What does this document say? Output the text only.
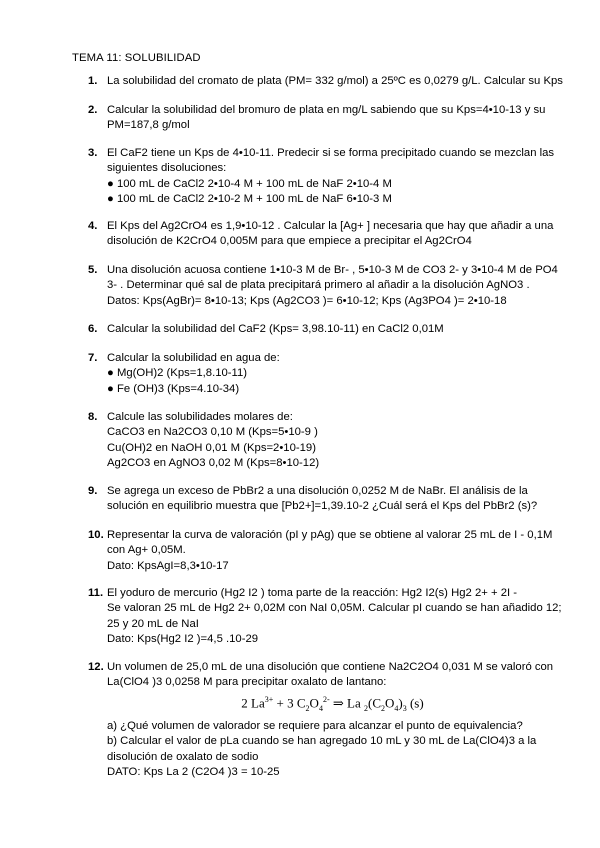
TEMA 11: SOLUBILIDAD
1. La solubilidad del cromato de plata (PM= 332 g/mol) a 25ºC es 0,0279 g/L. Calcular su Kps
2. Calcular la solubilidad del bromuro de plata en mg/L sabiendo que su Kps=4•10-13 y su
PM=187,8 g/mol
3. El CaF2 tiene un Kps de 4•10-11. Predecir si se forma precipitado cuando se mezclan las
siguientes disoluciones:
● 100 mL de CaCl2 2•10-4 M + 100 mL de NaF 2•10-4 M
● 100 mL de CaCl2 2•10-2 M + 100 mL de NaF 6•10-3 M
4. El Kps del Ag2CrO4 es 1,9•10-12 . Calcular la [Ag+ ] necesaria que hay que añadir a una
disolución de K2CrO4 0,005M para que empiece a precipitar el Ag2CrO4
5. Una disolución acuosa contiene 1•10-3 M de Br- , 5•10-3 M de CO3 2- y 3•10-4 M de PO4
3- . Determinar qué sal de plata precipitará primero al añadir a la disolución AgNO3 .
Datos: Kps(AgBr)= 8•10-13; Kps (Ag2CO3 )= 6•10-12; Kps (Ag3PO4 )= 2•10-18
6. Calcular la solubilidad del CaF2 (Kps= 3,98.10-11) en CaCl2 0,01M
7. Calcular la solubilidad en agua de:
● Mg(OH)2 (Kps=1,8.10-11)
● Fe (OH)3 (Kps=4.10-34)
8. Calcule las solubilidades molares de:
CaCO3 en Na2CO3 0,10 M (Kps=5•10-9 )
Cu(OH)2 en NaOH 0,01 M (Kps=2•10-19)
Ag2CO3 en AgNO3 0,02 M (Kps=8•10-12)
9. Se agrega un exceso de PbBr2 a una disolución 0,0252 M de NaBr. El análisis de la
solución en equilibrio muestra que [Pb2+]=1,39.10-2 ¿Cuál será el Kps del PbBr2 (s)?
10. Representar la curva de valoración (pI y pAg) que se obtiene al valorar 25 mL de I - 0,1M
con Ag+ 0,05M.
Dato: KpsAgI=8,3•10-17
11. El yoduro de mercurio (Hg2 I2 ) toma parte de la reacción: Hg2 I2(s) Hg2 2+ + 2I -
Se valoran 25 mL de Hg2 2+ 0,02M con NaI 0,05M. Calcular pI cuando se han añadido 12;
25 y 20 mL de NaI
Dato: Kps(Hg2 I2 )=4,5 .10-29
12. Un volumen de 25,0 mL de una disolución que contiene Na2C2O4 0,031 M se valoró con
La(ClO4 )3 0,0258 M para precipitar oxalato de lantano:
2 $La^{3+} + 3$ $C_2O_4^{2-}$ ⇒ La $_2(C_2O_4)_3$ (s)
a) ¿Qué volumen de valorador se requiere para alcanzar el punto de equivalencia?
b) Calcular el valor de pLa cuando se han agregado 10 mL y 30 mL de La(ClO4)3 a la
disolución de oxalato de sodio
DATO: Kps La 2 (C2O4 )3 = 10-25
